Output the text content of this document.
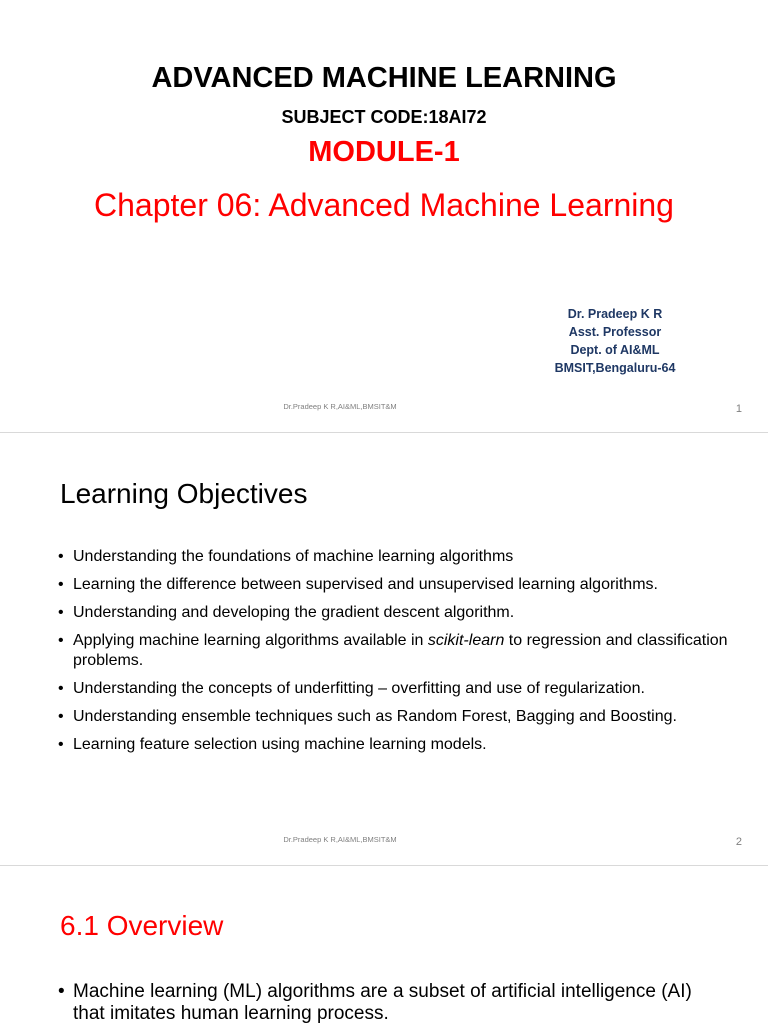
ADVANCED MACHINE LEARNING
SUBJECT CODE:18AI72
MODULE-1
Chapter 06: Advanced Machine Learning
Dr. Pradeep K R
Asst. Professor
Dept. of AI&ML
BMSIT,Bengaluru-64
Dr.Pradeep K R,AI&ML,BMSIT&M	1
Learning Objectives
• Understanding the foundations of machine learning algorithms
• Learning the difference between supervised and unsupervised learning algorithms.
• Understanding and developing the gradient descent algorithm.
• Applying machine learning algorithms available in scikit-learn to regression and classification problems.
• Understanding the concepts of underfitting – overfitting and use of regularization.
• Understanding ensemble techniques such as Random Forest, Bagging and Boosting.
• Learning feature selection using machine learning models.
Dr.Pradeep K R,AI&ML,BMSIT&M	2
6.1 Overview
• Machine learning (ML) algorithms are a subset of artificial intelligence (AI) that imitates human learning process.
